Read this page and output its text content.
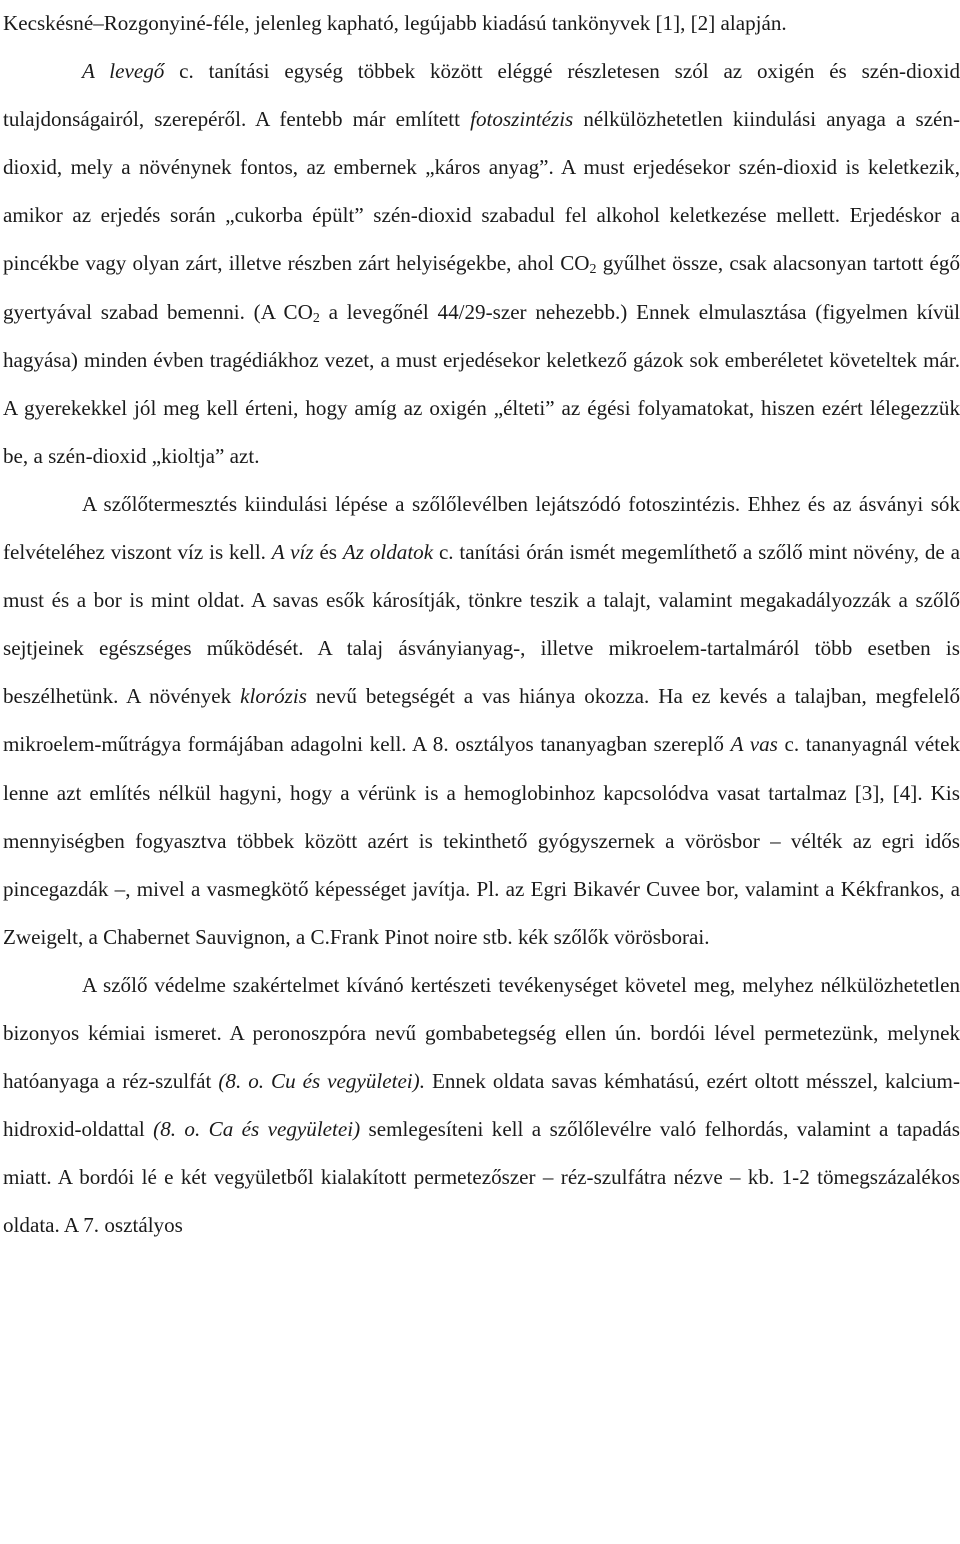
Kecskésné–Rozgonyiné-féle, jelenleg kapható, legújabb kiadású tankönyvek [1], [2] alapján.

A levegő c. tanítási egység többek között eléggé részletesen szól az oxigén és szén-dioxid tulajdonságairól, szerepéről. A fentebb már említett fotoszintézis nélkülözhetetlen kiindulási anyaga a szén-dioxid, mely a növénynek fontos, az embernek „káros anyag”. A must erjedésekor szén-dioxid is keletkezik, amikor az erjedés során „cukorba épült” szén-dioxid szabadul fel alkohol keletkezése mellett. Erjedéskor a pincékbe vagy olyan zárt, illetve részben zárt helyiségekbe, ahol $CO_2$ gyűlhet össze, csak alacsonyan tartott égő gyertyával szabad bemenni. (A $CO_2$ a levegőnél 44/29-szer nehezebb.) Ennek elmulasztása (figyelmen kívül hagyása) minden évben tragédiákhoz vezet, a must erjedésekor keletkező gázok sok emberéletet követeltek már. A gyerekekkel jól meg kell érteni, hogy amíg az oxigén „élteti” az égési folyamatokat, hiszen ezért lélegezzük be, a szén-dioxid „kioltja” azt.

A szőlőtermesztés kiindulási lépése a szőlőlevélben lejátszódó fotoszintézis. Ehhez és az ásványi sók felvételéhez viszont víz is kell. A víz és Az oldatok c. tanítási órán ismét megemlíthető a szőlő mint növény, de a must és a bor is mint oldat. A savas esők károsítják, tönkre teszik a talajt, valamint megakadályozzák a szőlő sejtjeinek egészséges működését. A talaj ásványianyag-, illetve mikroelem-tartalmáról több esetben is beszélhetünk. A növények klorózis nevű betegségét a vas hiánya okozza. Ha ez kevés a talajban, megfelelő mikroelem-műtrágya formájában adagolni kell. A 8. osztályos tananyagban szereplő A vas c. tananyagnál vétek lenne azt említés nélkül hagyni, hogy a vérünk is a hemoglobinhoz kapcsolódva vasat tartalmaz [3], [4]. Kis mennyiségben fogyasztva többek között azért is tekinthető gyógyszernek a vörösbor – vélték az egri idős pincegazdák –, mivel a vasmegkötő képességet javítja. Pl. az Egri Bikavér Cuvee bor, valamint a Kékfrankos, a Zweigelt, a Chabernet Sauvignon, a C.Frank Pinot noire stb. kék szőlők vörösborai.

A szőlő védelme szakértelmet kívánó kertészeti tevékenységet követel meg, melyhez nélkülözhetetlen bizonyos kémiai ismeret. A peronoszpóra nevű gombabetegség ellen ún. bordói lével permetezünk, melynek hatóanyaga a réz-szulfát (8. o. Cu és vegyületei). Ennek oldata savas kémhatású, ezért oltott mésszel, kalcium-hidroxid-oldattal (8. o. Ca és vegyületei) semlegesíteni kell a szőlőlevélre való felhordás, valamint a tapadás miatt. A bordói lé e két vegyületből kialakított permetezőszer – réz-szulfátra nézve – kb. 1-2 tömegszázalékos oldata. A 7. osztályos
